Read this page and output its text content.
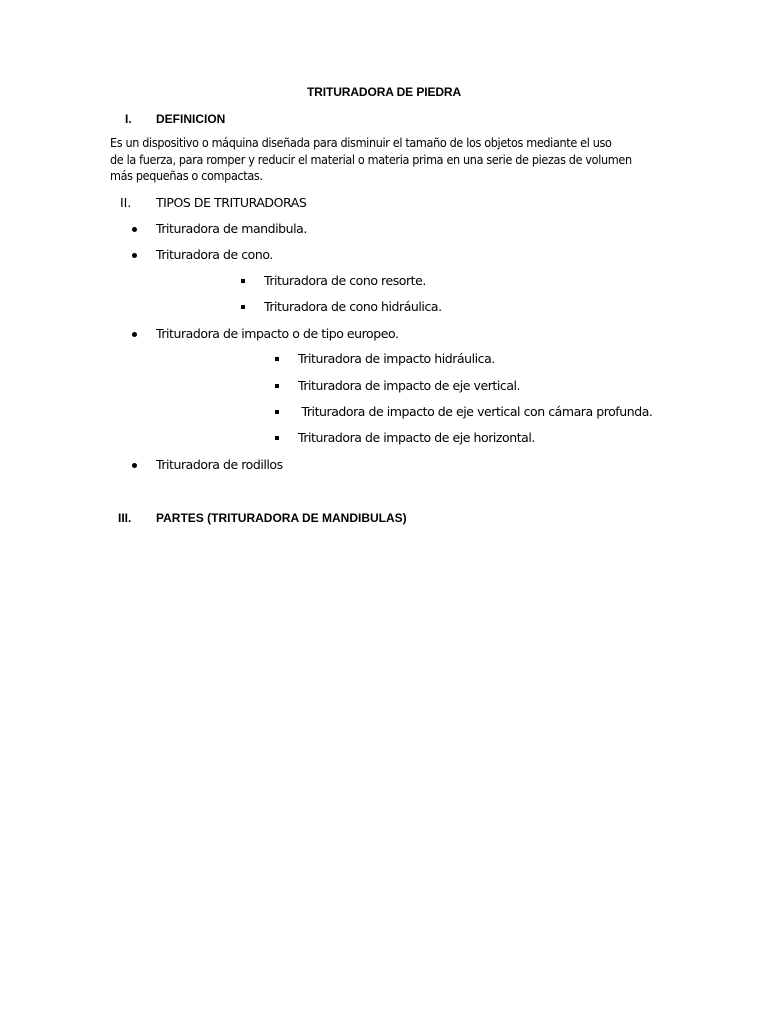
TRITURADORA DE PIEDRA
I. DEFINICION
Es un dispositivo o máquina diseñada para disminuir el tamaño de los objetos mediante el uso
de la fuerza, para romper y reducir el material o materia prima en una serie de piezas de volumen
más pequeñas o compactas.
II. TIPOS DE TRITURADORAS
Trituradora de mandibula.
Trituradora de cono.
Trituradora de cono resorte.
Trituradora de cono hidráulica.
Trituradora de impacto o de tipo europeo.
Trituradora de impacto hidráulica.
Trituradora de impacto de eje vertical.
Trituradora de impacto de eje vertical con cámara profunda.
Trituradora de impacto de eje horizontal.
Trituradora de rodillos
III. PARTES (TRITURADORA DE MANDIBULAS)
